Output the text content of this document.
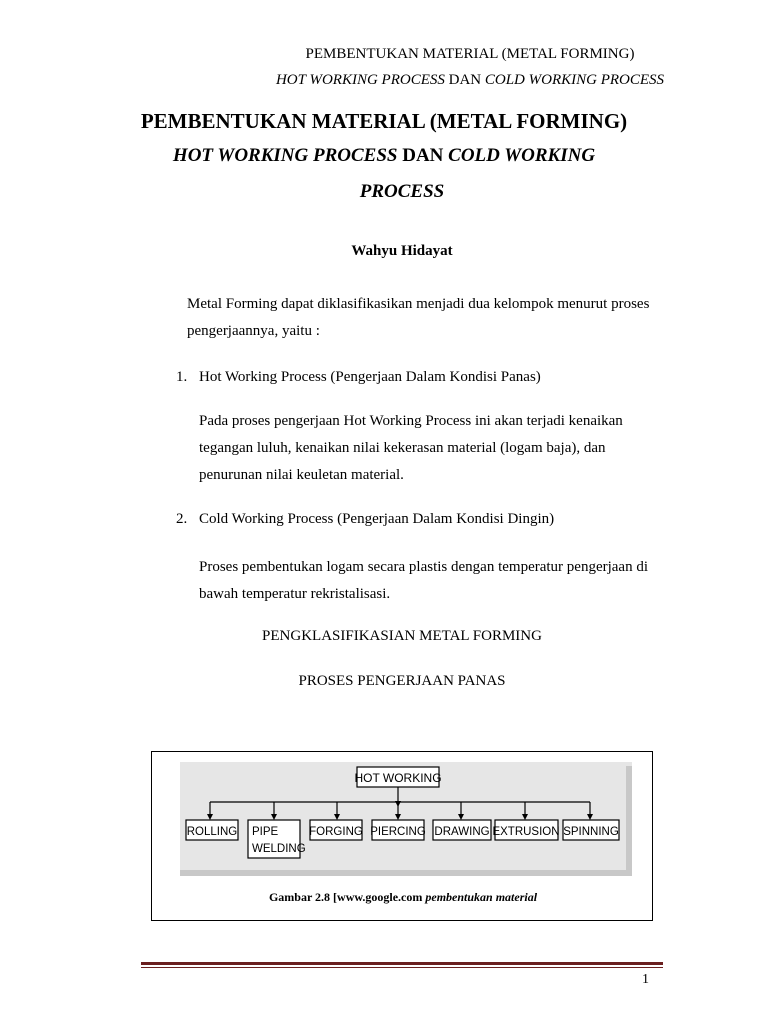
PEMBENTUKAN MATERIAL (METAL FORMING)
HOT WORKING PROCESS DAN COLD WORKING PROCESS
PEMBENTUKAN MATERIAL (METAL FORMING)
HOT WORKING PROCESS DAN COLD WORKING
PROCESS
Wahyu Hidayat
Metal Forming dapat diklasifikasikan menjadi dua kelompok menurut proses pengerjaannya, yaitu :
1. Hot Working Process (Pengerjaan Dalam Kondisi Panas)
Pada proses pengerjaan Hot Working Process ini akan terjadi kenaikan tegangan luluh, kenaikan nilai kekerasan material (logam baja), dan penurunan nilai keuletan material.
2. Cold Working Process (Pengerjaan Dalam Kondisi Dingin)
Proses pembentukan logam secara plastis dengan temperatur pengerjaan di bawah temperatur rekristalisasi.
PENGKLASIFIKASIAN METAL FORMING
PROSES PENGERJAAN PANAS
HOT WORKING
ROLLING PIPE
WELDING
FORGING PIERCING DRAWING EXTRUSION SPINNING
Gambar 2.8 [www.google.com pembentukan material
1
